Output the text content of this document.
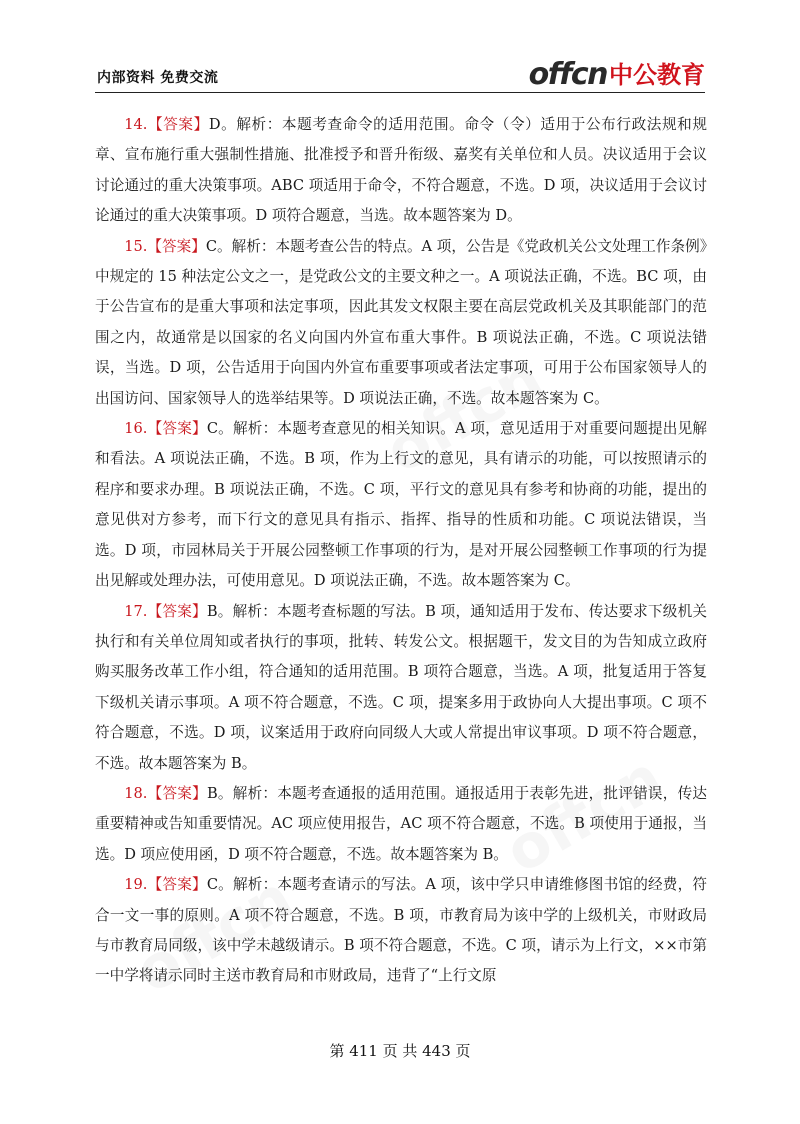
内部资料 免费交流	offcn 中公教育

14.【答案】D。解析：本题考查命令的适用范围。命令（令）适用于公布行政法规和规章、宣布施行重大强制性措施、批准授予和晋升衔级、嘉奖有关单位和人员。决议适用于会议讨论通过的重大决策事项。ABC 项适用于命令，不符合题意，不选。D 项，决议适用于会议讨论通过的重大决策事项。D 项符合题意，当选。故本题答案为 D。

15.【答案】C。解析：本题考查公告的特点。A 项，公告是《党政机关公文处理工作条例》中规定的 15 种法定公文之一，是党政公文的主要文种之一。A 项说法正确，不选。BC 项，由于公告宣布的是重大事项和法定事项，因此其发文权限主要在高层党政机关及其职能部门的范围之内，故通常是以国家的名义向国内外宣布重大事件。B 项说法正确，不选。C 项说法错误，当选。D 项，公告适用于向国内外宣布重要事项或者法定事项，可用于公布国家领导人的出国访问、国家领导人的选举结果等。D 项说法正确，不选。故本题答案为 C。

16.【答案】C。解析：本题考查意见的相关知识。A 项，意见适用于对重要问题提出见解和看法。A 项说法正确，不选。B 项，作为上行文的意见，具有请示的功能，可以按照请示的程序和要求办理。B 项说法正确，不选。C 项，平行文的意见具有参考和协商的功能，提出的意见供对方参考，而下行文的意见具有指示、指挥、指导的性质和功能。C 项说法错误，当选。D 项，市园林局关于开展公园整顿工作事项的行为，是对开展公园整顿工作事项的行为提出见解或处理办法，可使用意见。D 项说法正确，不选。故本题答案为 C。

17.【答案】B。解析：本题考查标题的写法。B 项，通知适用于发布、传达要求下级机关执行和有关单位周知或者执行的事项，批转、转发公文。根据题干，发文目的为告知成立政府购买服务改革工作小组，符合通知的适用范围。B 项符合题意，当选。A 项，批复适用于答复下级机关请示事项。A 项不符合题意，不选。C 项，提案多用于政协向人大提出事项。C 项不符合题意，不选。D 项，议案适用于政府向同级人大或人常提出审议事项。D 项不符合题意，不选。故本题答案为 B。

18.【答案】B。解析：本题考查通报的适用范围。通报适用于表彰先进，批评错误，传达重要精神或告知重要情况。AC 项应使用报告，AC 项不符合题意，不选。B 项使用于通报，当选。D 项应使用函，D 项不符合题意，不选。故本题答案为 B。

19.【答案】C。解析：本题考查请示的写法。A 项，该中学只申请维修图书馆的经费，符合一文一事的原则。A 项不符合题意，不选。B 项，市教育局为该中学的上级机关，市财政局与市教育局同级，该中学未越级请示。B 项不符合题意，不选。C 项，请示为上行文，××市第一中学将请示同时主送市教育局和市财政局，违背了“上行文原

第 411 页 共 443 页
